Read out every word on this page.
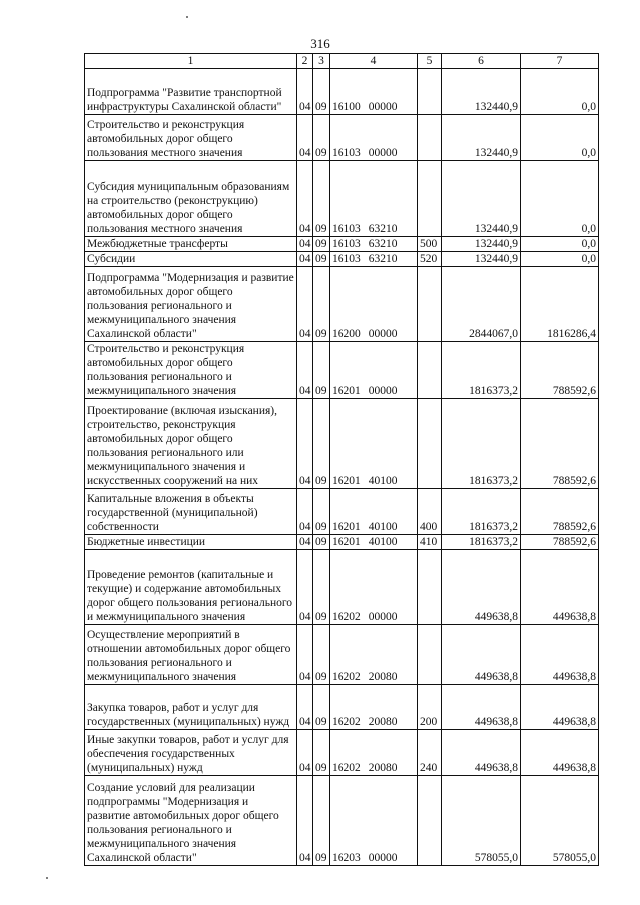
316
1	2	3	4	5	6	7
Подпрограмма "Развитие транспортной инфраструктуры Сахалинской области"	04	09	16100 00000		132440,9	0,0
Строительство и реконструкция автомобильных дорог общего пользования местного значения	04	09	16103 00000		132440,9	0,0
Субсидия муниципальным образованиям на строительство (реконструкцию) автомобильных дорог общего пользования местного значения	04	09	16103 63210		132440,9	0,0
Межбюджетные трансферты	04	09	16103 63210	500	132440,9	0,0
Субсидии	04	09	16103 63210	520	132440,9	0,0
Подпрограмма "Модернизация и развитие автомобильных дорог общего пользования регионального и межмуниципального значения Сахалинской области"	04	09	16200 00000		2844067,0	1816286,4
Строительство и реконструкция автомобильных дорог общего пользования регионального и межмуниципального значения	04	09	16201 00000		1816373,2	788592,6
Проектирование (включая изыскания), строительство, реконструкция автомобильных дорог общего пользования регионального или межмуниципального значения и искусственных сооружений на них	04	09	16201 40100		1816373,2	788592,6
Капитальные вложения в объекты государственной (муниципальной) собственности	04	09	16201 40100	400	1816373,2	788592,6
Бюджетные инвестиции	04	09	16201 40100	410	1816373,2	788592,6
Проведение ремонтов (капитальные и текущие) и содержание автомобильных дорог общего пользования регионального и межмуниципального значения	04	09	16202 00000		449638,8	449638,8
Осуществление мероприятий в отношении автомобильных дорог общего пользования регионального и межмуниципального значения	04	09	16202 20080		449638,8	449638,8
Закупка товаров, работ и услуг для государственных (муниципальных) нужд	04	09	16202 20080	200	449638,8	449638,8
Иные закупки товаров, работ и услуг для обеспечения государственных (муниципальных) нужд	04	09	16202 20080	240	449638,8	449638,8
Создание условий для реализации подпрограммы "Модернизация и развитие автомобильных дорог общего пользования регионального и межмуниципального значения Сахалинской области"	04	09	16203 00000		578055,0	578055,0
